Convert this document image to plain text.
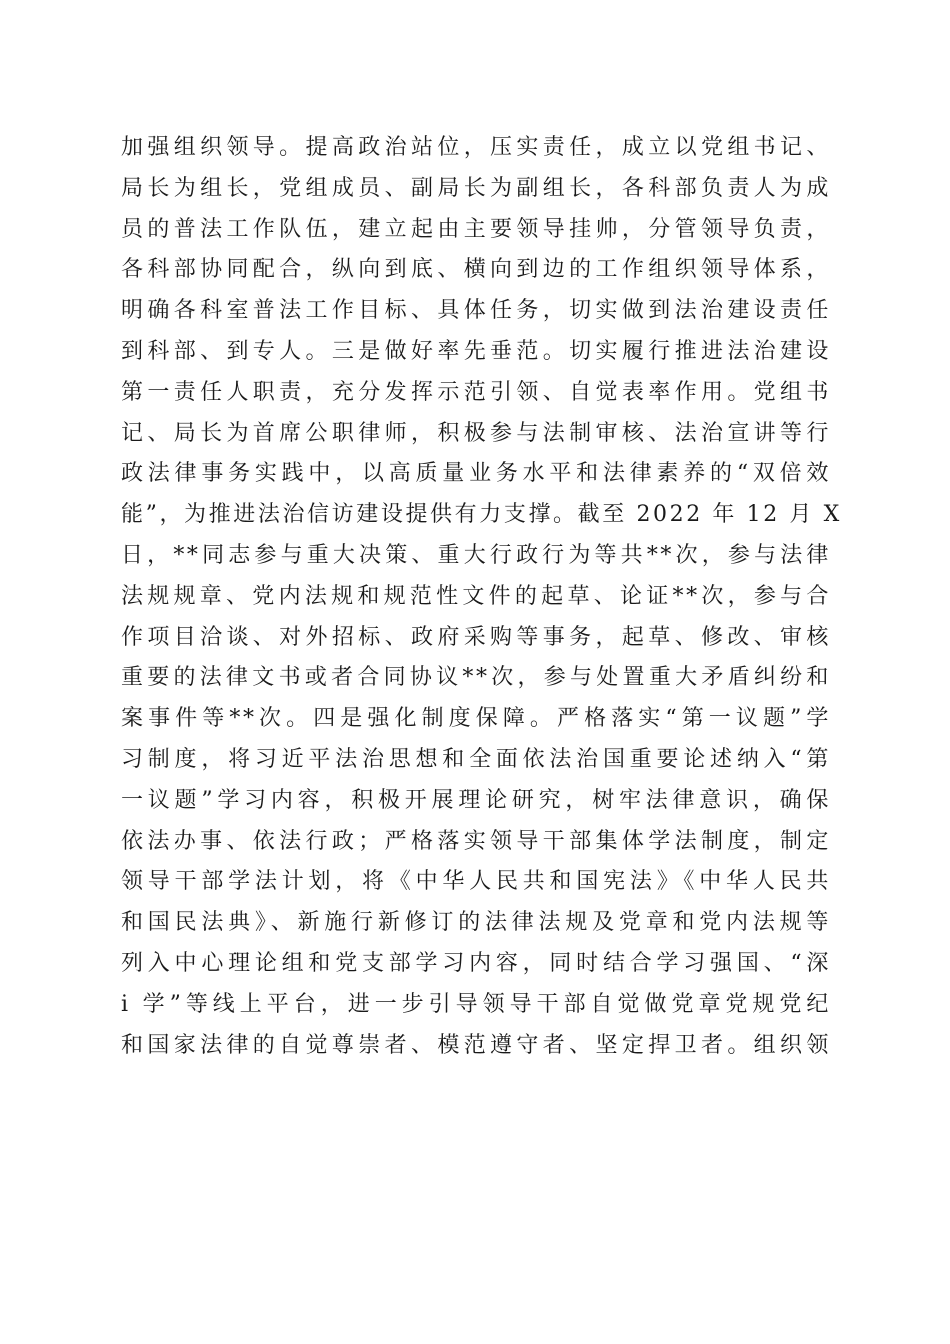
加强组织领导。提高政治站位，压实责任，成立以党组书记、
局长为组长，党组成员、副局长为副组长，各科部负责人为成
员的普法工作队伍，建立起由主要领导挂帅，分管领导负责，
各科部协同配合，纵向到底、横向到边的工作组织领导体系，
明确各科室普法工作目标、具体任务，切实做到法治建设责任
到科部、到专人。三是做好率先垂范。切实履行推进法治建设
第一责任人职责，充分发挥示范引领、自觉表率作用。党组书
记、局长为首席公职律师，积极参与法制审核、法治宣讲等行
政法律事务实践中，以高质量业务水平和法律素养的“双倍效
能”，为推进法治信访建设提供有力支撑。截至 2022 年 12 月 X
日，**同志参与重大决策、重大行政行为等共**次，参与法律
法规规章、党内法规和规范性文件的起草、论证**次，参与合
作项目洽谈、对外招标、政府采购等事务，起草、修改、审核
重要的法律文书或者合同协议**次，参与处置重大矛盾纠纷和
案事件等**次。四是强化制度保障。严格落实“第一议题”学
习制度，将习近平法治思想和全面依法治国重要论述纳入“第
一议题”学习内容，积极开展理论研究，树牢法律意识，确保
依法办事、依法行政；严格落实领导干部集体学法制度，制定
领导干部学法计划，将《中华人民共和国宪法》《中华人民共
和国民法典》、新施行新修订的法律法规及党章和党内法规等
列入中心理论组和党支部学习内容，同时结合学习强国、“深
i 学”等线上平台，进一步引导领导干部自觉做党章党规党纪
和国家法律的自觉尊崇者、模范遵守者、坚定捍卫者。组织领
